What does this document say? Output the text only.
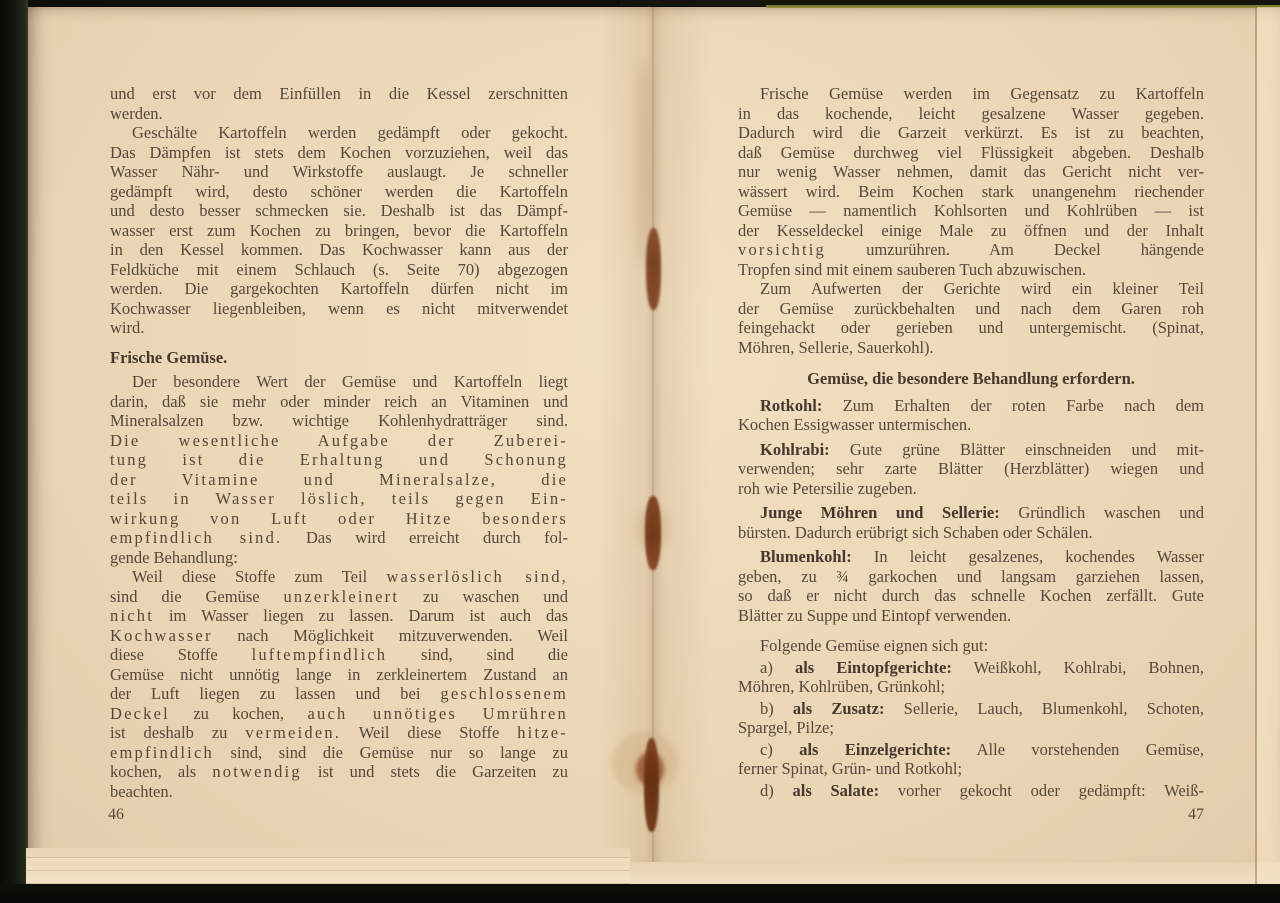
und erst vor dem Einfüllen in die Kessel zerschnitten
werden.
Geschälte Kartoffeln werden gedämpft oder gekocht.
Das Dämpfen ist stets dem Kochen vorzuziehen, weil das
Wasser Nähr- und Wirkstoffe auslaugt. Je schneller
gedämpft wird, desto schöner werden die Kartoffeln
und desto besser schmecken sie. Deshalb ist das Dämpf-
wasser erst zum Kochen zu bringen, bevor die Kartoffeln
in den Kessel kommen. Das Kochwasser kann aus der
Feldküche mit einem Schlauch (s. Seite 70) abgezogen
werden. Die gargekochten Kartoffeln dürfen nicht im
Kochwasser liegenbleiben, wenn es nicht mitverwendet
wird.
Frische Gemüse.
Der besondere Wert der Gemüse und Kartoffeln liegt
darin, daß sie mehr oder minder reich an Vitaminen und
Mineralsalzen bzw. wichtige Kohlenhydratträger sind.
Die wesentliche Aufgabe der Zuberei-
tung ist die Erhaltung und Schonung
der Vitamine und Mineralsalze, die
teils in Wasser löslich, teils gegen Ein-
wirkung von Luft oder Hitze besonders
empfindlich sind. Das wird erreicht durch fol-
gende Behandlung:
Weil diese Stoffe zum Teil wasserlöslich sind,
sind die Gemüse unzerkleinert zu waschen und
nicht im Wasser liegen zu lassen. Darum ist auch das
Kochwasser nach Möglichkeit mitzuverwenden. Weil
diese Stoffe luftempfindlich sind, sind die
Gemüse nicht unnötig lange in zerkleinertem Zustand an
der Luft liegen zu lassen und bei geschlossenem
Deckel zu kochen, auch unnötiges Umrühren
ist deshalb zu vermeiden. Weil diese Stoffe hitze-
empfindlich sind, sind die Gemüse nur so lange zu
kochen, als notwendig ist und stets die Garzeiten zu
beachten.
Frische Gemüse werden im Gegensatz zu Kartoffeln
in das kochende, leicht gesalzene Wasser gegeben.
Dadurch wird die Garzeit verkürzt. Es ist zu beachten,
daß Gemüse durchweg viel Flüssigkeit abgeben. Deshalb
nur wenig Wasser nehmen, damit das Gericht nicht ver-
wässert wird. Beim Kochen stark unangenehm riechender
Gemüse — namentlich Kohlsorten und Kohlrüben — ist
der Kesseldeckel einige Male zu öffnen und der Inhalt
vorsichtig umzurühren. Am Deckel hängende
Tropfen sind mit einem sauberen Tuch abzuwischen.
Zum Aufwerten der Gerichte wird ein kleiner Teil
der Gemüse zurückbehalten und nach dem Garen roh
feingehackt oder gerieben und untergemischt. (Spinat,
Möhren, Sellerie, Sauerkohl).
Gemüse, die besondere Behandlung erfordern.
Rotkohl: Zum Erhalten der roten Farbe nach dem
Kochen Essigwasser untermischen.
Kohlrabi: Gute grüne Blätter einschneiden und mit-
verwenden; sehr zarte Blätter (Herzblätter) wiegen und
roh wie Petersilie zugeben.
Junge Möhren und Sellerie: Gründlich waschen und
bürsten. Dadurch erübrigt sich Schaben oder Schälen.
Blumenkohl: In leicht gesalzenes, kochendes Wasser
geben, zu ¾ garkochen und langsam garziehen lassen,
so daß er nicht durch das schnelle Kochen zerfällt. Gute
Blätter zu Suppe und Eintopf verwenden.
Folgende Gemüse eignen sich gut:
a) als Eintopfgerichte: Weißkohl, Kohlrabi, Bohnen,
Möhren, Kohlrüben, Grünkohl;
b) als Zusatz: Sellerie, Lauch, Blumenkohl, Schoten,
Spargel, Pilze;
c) als Einzelgerichte: Alle vorstehenden Gemüse,
ferner Spinat, Grün- und Rotkohl;
d) als Salate: vorher gekocht oder gedämpft: Weiß-
46	47
